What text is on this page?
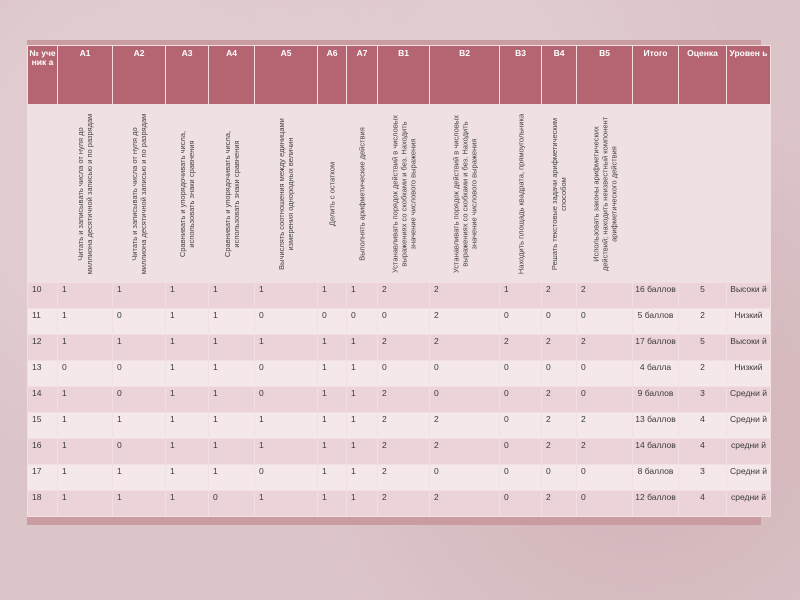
№ уче ник а	А1	А2	А3	А4	А5	А6	А7	В1	В2	В3	В4	В5	Итого	Оценка	Уровен ь

	Читать и записывать числа от нуля до миллиона десятичной записью и по разрядам	Читать и записывать числа от нуля до миллиона десятичной записью и по разрядам	Сравнивать и упорядочивать числа, использовать знаки сравнения	Сравнивать и упорядочивать числа, использовать знаки сравнения	Вычислять соотношения между единицами измерения однородных величин	Делить с остатком	Выполнять арифметические действия	Устанавливать порядок действий в числовых выражениях со скобками и без. Находить значение числового выражения	Устанавливать порядок действий в числовых выражениях со скобками и без. Находить значение числового выражения	Находить площадь квадрата, прямоугольника	Решать текстовые задачи арифметическим способом	Использовать законы арифметических действий; находить неизвестный компонент арифметического действия			

10	1	1	1	1	1	1	1	2	2	1	2	2	16 баллов	5	Высоки й
11	1	0	1	1	0	0	0	0	2	0	0	0	5 баллов	2	Низкий
12	1	1	1	1	1	1	1	2	2	2	2	2	17 баллов	5	Высоки й
13	0	0	1	1	0	1	1	0	0	0	0	0	4 балла	2	Низкий
14	1	0	1	1	0	1	1	2	0	0	2	0	9 баллов	3	Средни й
15	1	1	1	1	1	1	1	2	2	0	2	2	13 баллов	4	Средни й
16	1	0	1	1	1	1	1	2	2	0	2	2	14 баллов	4	средни й
17	1	1	1	1	0	1	1	2	0	0	0	0	8 баллов	3	Средни й
18	1	1	1	0	1	1	1	2	2	0	2	0	12 баллов	4	средни й
